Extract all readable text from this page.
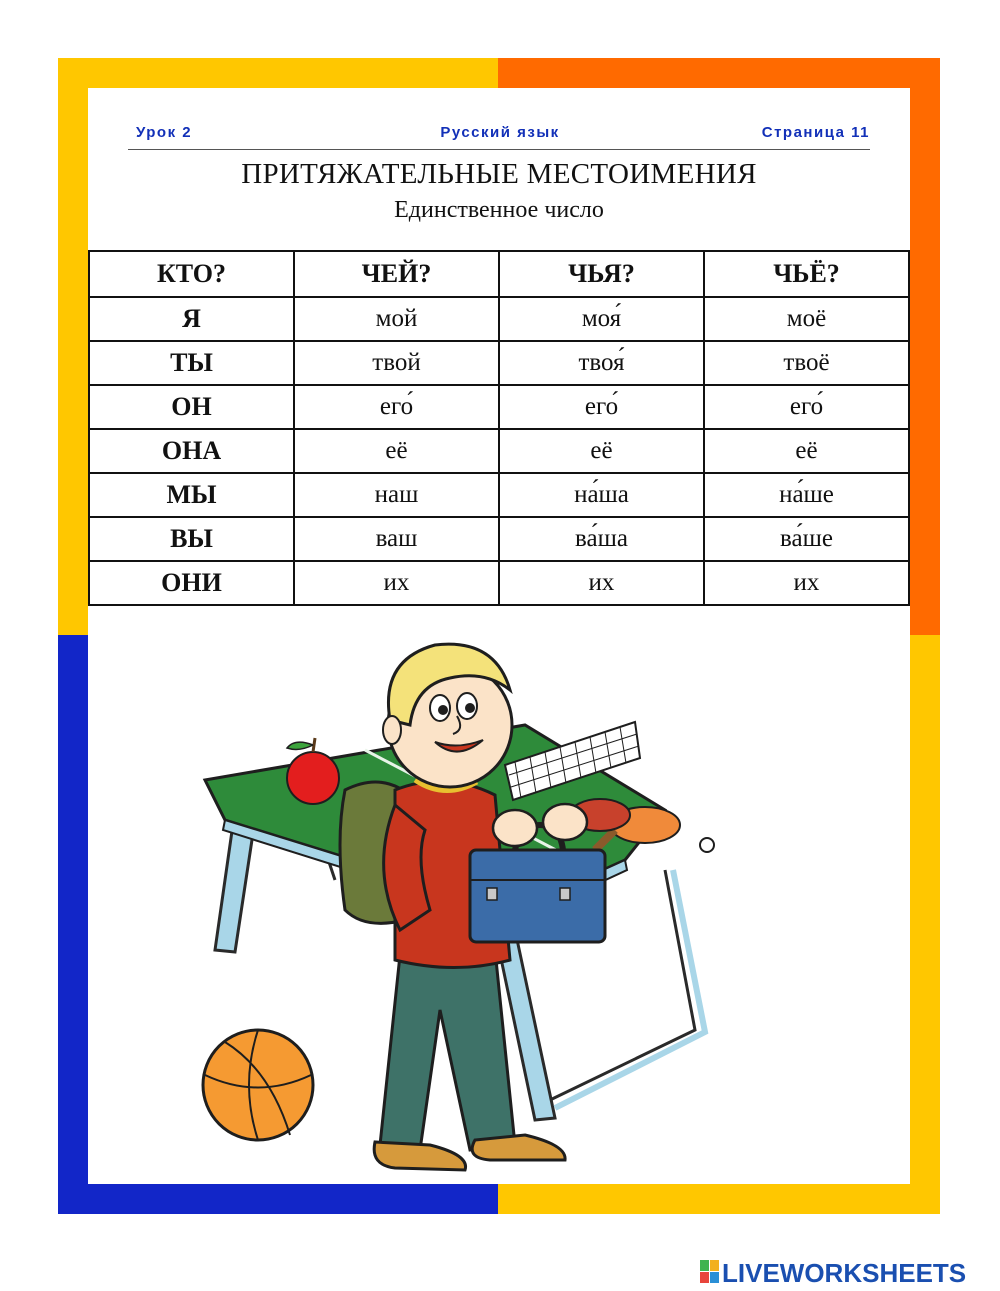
Урок 2	Русский язык	Страница 11
ПРИТЯЖАТЕЛЬНЫЕ МЕСТОИМЕНИЯ
Единственное число
КТО?	ЧЕЙ?	ЧЬЯ?	ЧЬЁ?
Я	мой	моя́	моё
ТЫ	твой	твоя́	твоё
ОН	его́	его́	его́
ОНА	её	её	её
МЫ	наш	на́ша	на́ше
ВЫ	ваш	ва́ша	ва́ше
ОНИ	их	их	их
LIVEWORKSHEETS
